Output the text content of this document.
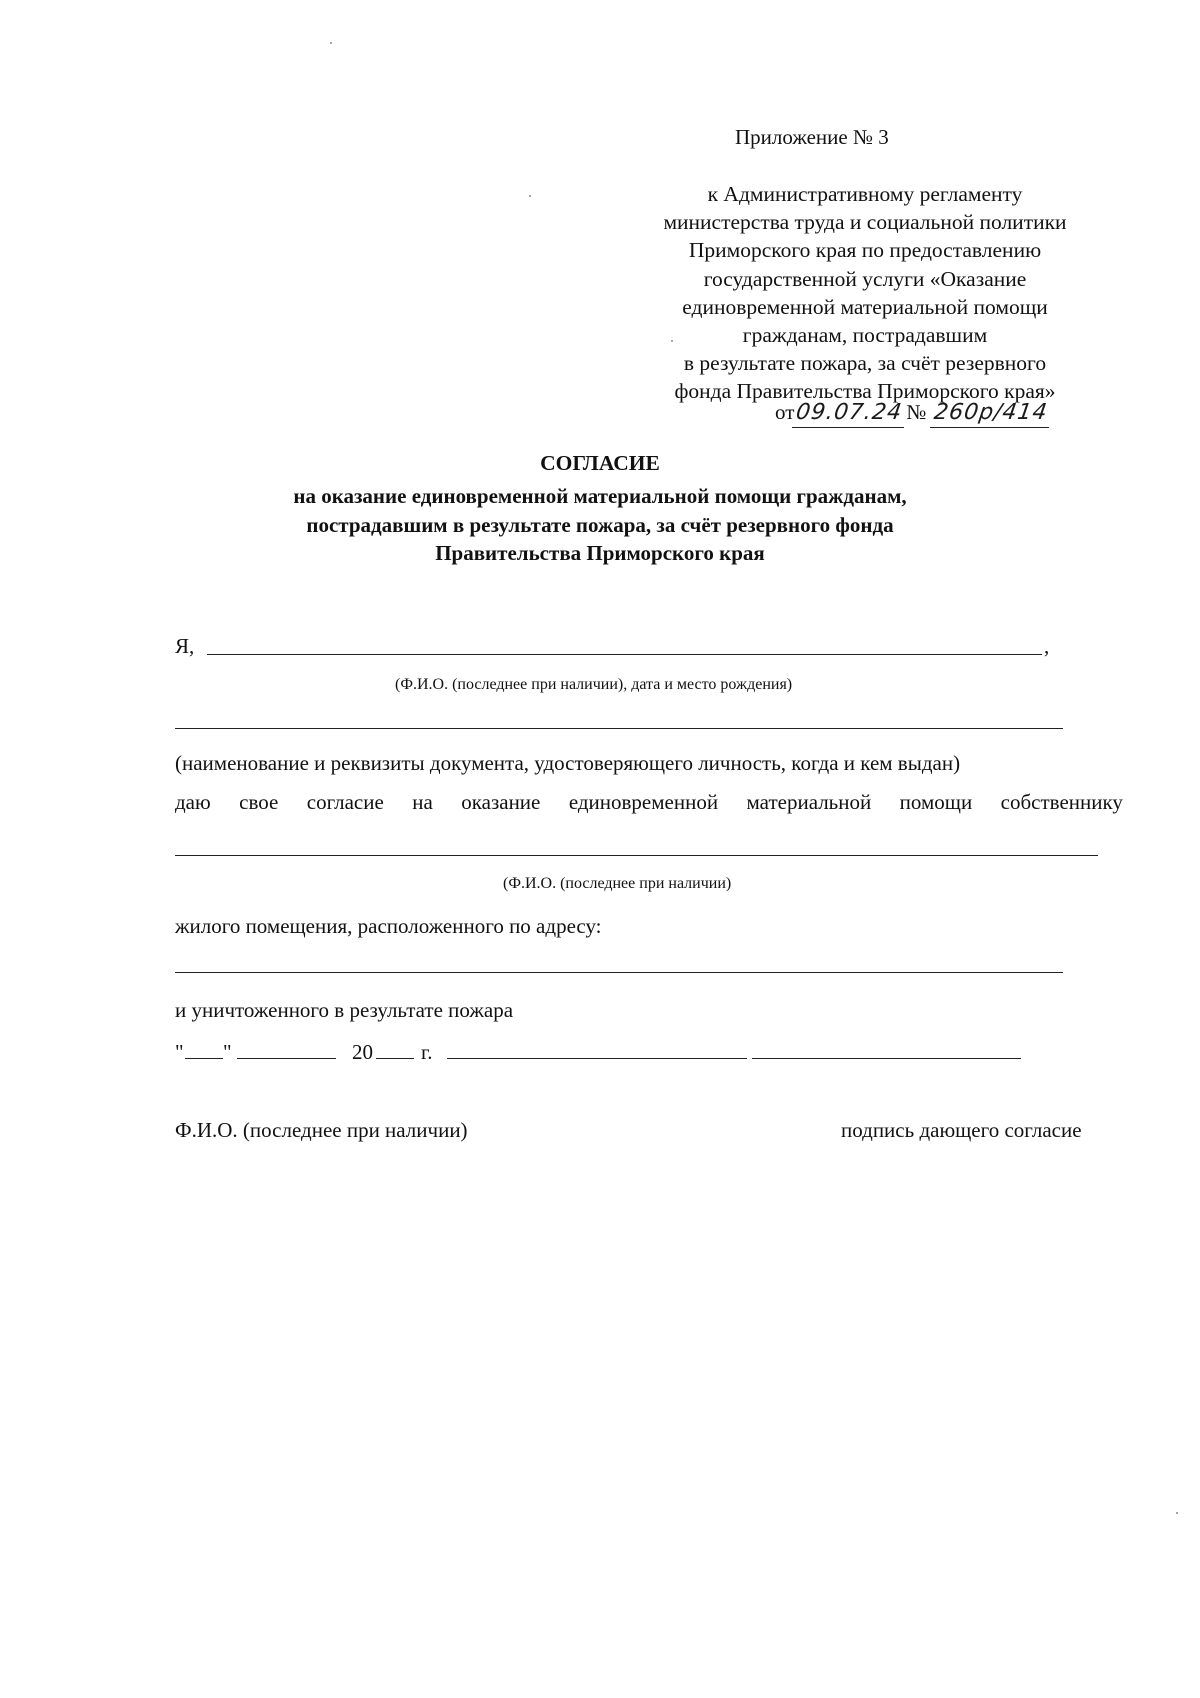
Приложение № 3
к Административному регламенту
министерства труда и социальной политики
Приморского края по предоставлению
государственной услуги «Оказание
единовременной материальной помощи
гражданам, пострадавшим
в результате пожара, за счёт резервного
фонда Правительства Приморского края»
от09.07.24 № 260р/414
СОГЛАСИЕ
на оказание единовременной материальной помощи гражданам,
пострадавшим в результате пожара, за счёт резервного фонда
Правительства Приморского края
Я,	,
(Ф.И.О. (последнее при наличии), дата и место рождения)
(наименование и реквизиты документа, удостоверяющего личность, когда и кем выдан)
даю свое согласие на оказание единовременной материальной помощи собственнику
(Ф.И.О. (последнее при наличии)
жилого помещения, расположенного по адресу:
и уничтоженного в результате пожара
" "	20 г.
Ф.И.О. (последнее при наличии)	подпись дающего согласие
